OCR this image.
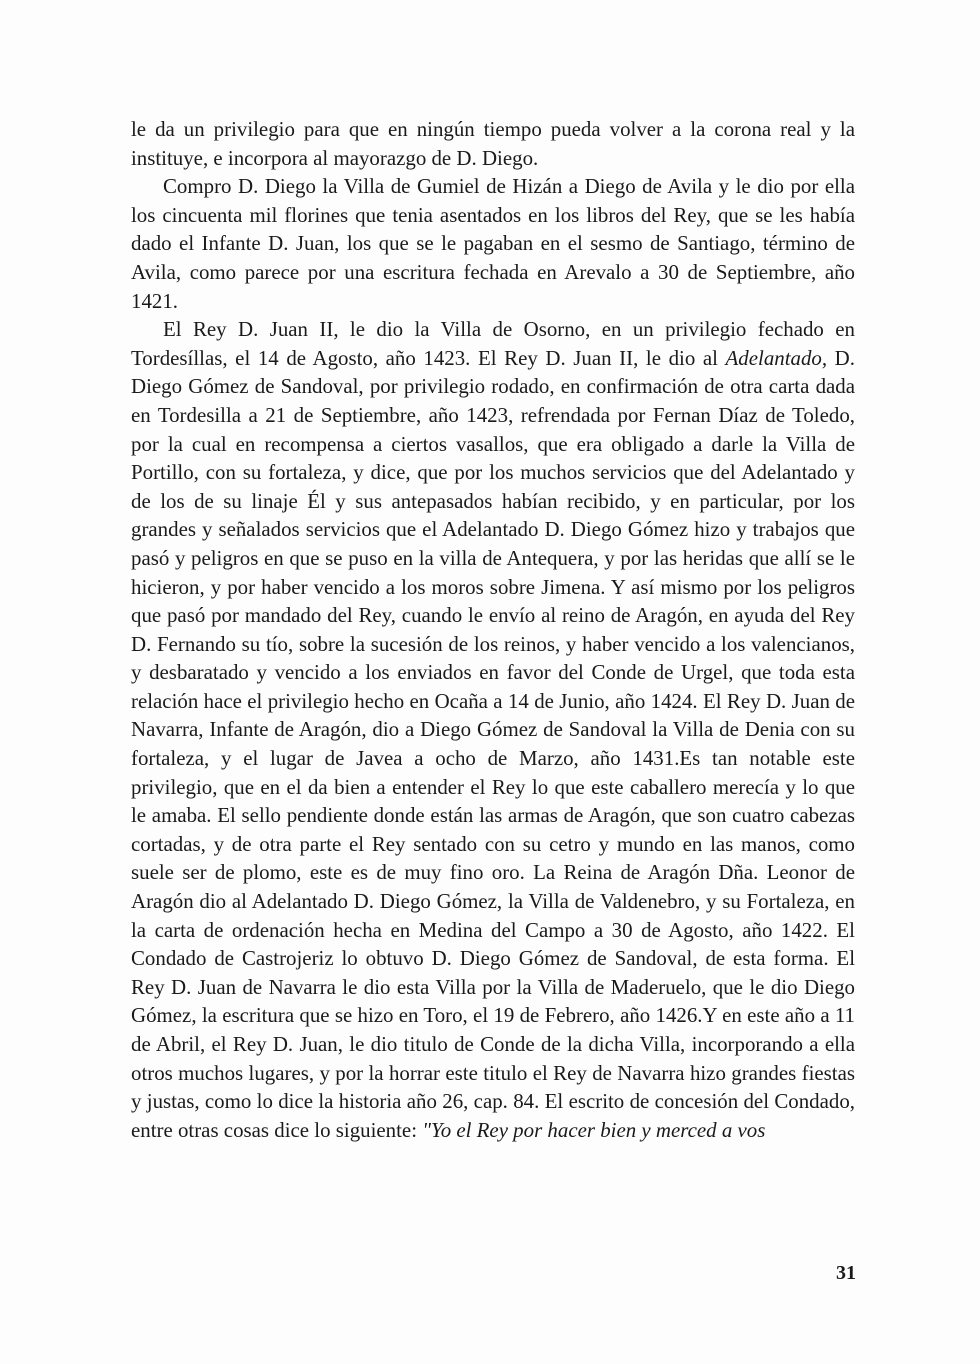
le da un privilegio para que en ningún tiempo pueda volver a la corona real y la instituye, e incorpora al mayorazgo de D. Diego.

Compro D. Diego la Villa de Gumiel de Hizán a Diego de Avila y le dio por ella los cincuenta mil florines que tenia asentados en los libros del Rey, que se les había dado el Infante D. Juan, los que se le pagaban en el sesmo de Santiago, término de Avila, como parece por una escritura fechada en Arevalo a 30 de Septiembre, año 1421.

El Rey D. Juan II, le dio la Villa de Osorno, en un privilegio fechado en Tordesíllas, el 14 de Agosto, año 1423. El Rey D. Juan II, le dio al Adelantado, D. Diego Gómez de Sandoval, por privilegio rodado, en confirmación de otra carta dada en Tordesilla a 21 de Septiembre, año 1423, refrendada por Fernan Díaz de Toledo, por la cual en recompensa a ciertos vasallos, que era obligado a darle la Villa de Portillo, con su fortaleza, y dice, que por los muchos servicios que del Adelantado y de los de su linaje Él y sus antepasados habían recibido, y en particular, por los grandes y señalados servicios que el Adelantado D. Diego Gómez hizo y trabajos que pasó y peligros en que se puso en la villa de Antequera, y por las heridas que allí se le hicieron, y por haber vencido a los moros sobre Jimena. Y así mismo por los peligros que pasó por mandado del Rey, cuando le envío al reino de Aragón, en ayuda del Rey D. Fernando su tío, sobre la sucesión de los reinos, y haber vencido a los valencianos, y desbaratado y vencido a los enviados en favor del Conde de Urgel, que toda esta relación hace el privilegio hecho en Ocaña a 14 de Junio, año 1424. El Rey D. Juan de Navarra, Infante de Aragón, dio a Diego Gómez de Sandoval la Villa de Denia con su fortaleza, y el lugar de Javea a ocho de Marzo, año 1431.Es tan notable este privilegio, que en el da bien a entender el Rey lo que este caballero merecía y lo que le amaba. El sello pendiente donde están las armas de Aragón, que son cuatro cabezas cortadas, y de otra parte el Rey sentado con su cetro y mundo en las manos, como suele ser de plomo, este es de muy fino oro. La Reina de Aragón Dña. Leonor de Aragón dio al Adelantado D. Diego Gómez, la Villa de Valdenebro, y su Fortaleza, en la carta de ordenación hecha en Medina del Campo a 30 de Agosto, año 1422. El Condado de Castrojeriz lo obtuvo D. Diego Gómez de Sandoval, de esta forma. El Rey D. Juan de Navarra le dio esta Villa por la Villa de Maderuelo, que le dio Diego Gómez, la escritura que se hizo en Toro, el 19 de Febrero, año 1426.Y en este año a 11 de Abril, el Rey D. Juan, le dio titulo de Conde de la dicha Villa, incorporando a ella otros muchos lugares, y por la horrar este titulo el Rey de Navarra hizo grandes fiestas y justas, como lo dice la historia año 26, cap. 84. El escrito de concesión del Condado, entre otras cosas dice lo siguiente: "Yo el Rey por hacer bien y merced a vos

31
